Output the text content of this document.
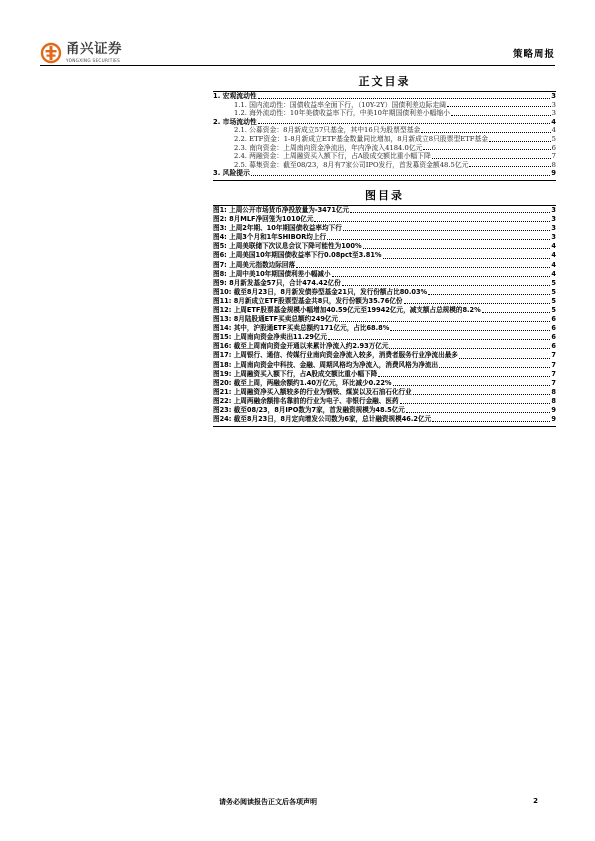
甬兴证券
YONGXING SECURITIES
策略周报
正文目录
1. 宏观流动性	3
1.1. 国内流动性：国债收益率全面下行，（10Y-2Y）国债利差边际走阔	3
1.2. 海外流动性：10年美债收益率下行，中美10年期国债利差小幅缩小	3
2. 市场流动性	4
2.1. 公募资金：8月新成立57只基金，其中16只为股票型基金	4
2.2. ETF资金：1-8月新成立ETF基金数量同比增加，8月新成立8只股票型ETF基金	5
2.3. 南向资金：上周南向资金净流出，年内净流入4184.0亿元	6
2.4. 两融资金：上周融资买入额下行，占A股成交额比重小幅下降	7
2.5. 募集资金：截至08/23，8月有7家公司IPO发行，首发募资金额48.5亿元	8
3. 风险提示	9
图目录
图1: 上周公开市场货币净投放量为-3471亿元	3
图2: 8月MLF净回笼为1010亿元	3
图3: 上周2年期、10年期国债收益率均下行	3
图4: 上周3个月和1年SHIBOR均上行	3
图5: 上周美联储下次议息会议下降可能性为100%	4
图6: 上周美国10年期国债收益率下行0.08pct至3.81%	4
图7: 上周美元指数边际回落	4
图8: 上周中美10年期国债利差小幅减小	4
图9: 8月新发基金57只，合计474.42亿份	5
图10: 截至8月23日，8月新发债券型基金21只，发行份额占比80.03%	5
图11: 8月新成立ETF股票型基金共8只，发行份额为35.76亿份	5
图12: 上周ETF股票基金规模小幅增加40.59亿元至19942亿元，减支额占总规模的8.2%	5
图13: 8月陆股通ETF买卖总额约249亿元	6
图14: 其中，沪股通ETF买卖总额约171亿元，占比68.8%	6
图15: 上周南向资金净卖出11.29亿元	6
图16: 截至上周南向资金开通以来累计净流入约2.93万亿元	6
图17: 上周银行、通信、传媒行业南向资金净流入较多，消费者服务行业净流出最多	7
图18: 上周南向资金中科技、金融、周期风格均为净流入，消费风格为净流出	7
图19: 上周融资买入额下行，占A股成交额比重小幅下降	7
图20: 截至上周，两融余额约1.40万亿元，环比减少0.22%	7
图21: 上周融资净买入额较多的行业为钢铁、煤炭以及石油石化行业	8
图22: 上周两融余额排名靠前的行业为电子、非银行金融、医药	8
图23: 截至08/23，8月IPO数为7家，首发融资规模为48.5亿元	9
图24: 截至8月23日，8月定向增发公司数为6家，总计融资规模46.2亿元	9
请务必阅读报告正文后各项声明	2
